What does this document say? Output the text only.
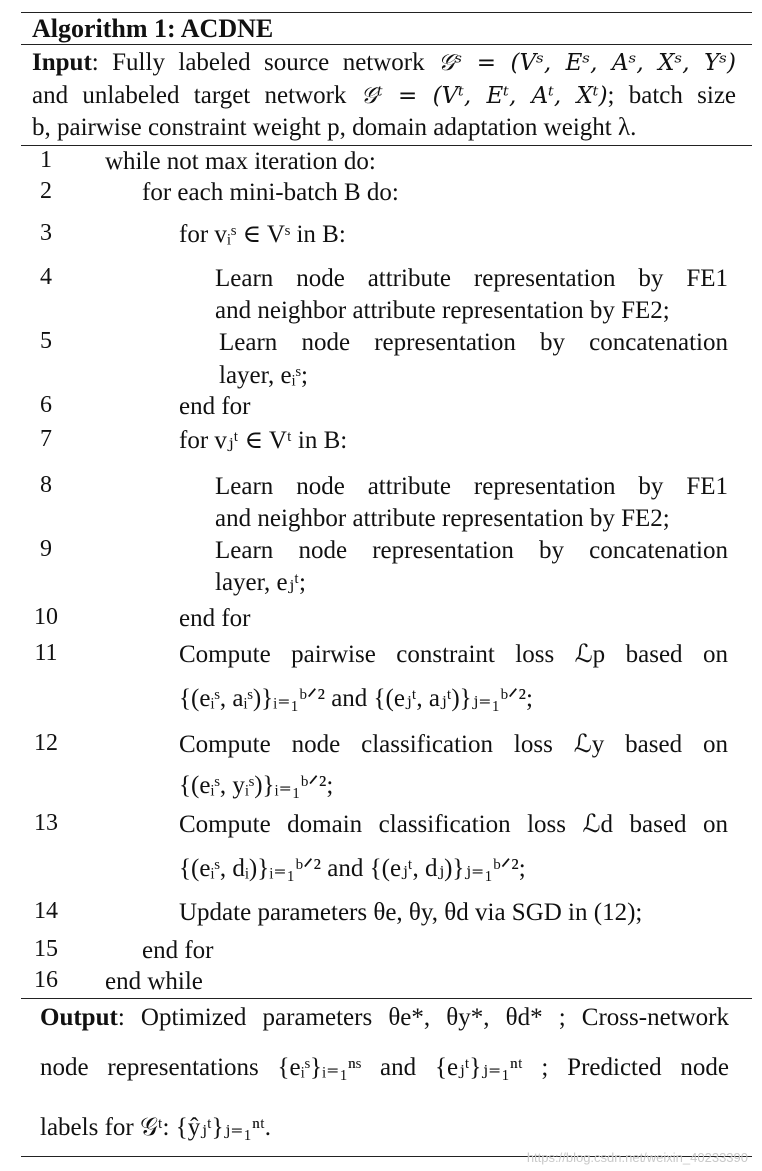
Algorithm 1: ACDNE
Input: Fully labeled source network 𝒢ˢ = (Vˢ, Eˢ, Aˢ, Xˢ, Yˢ)
and unlabeled target network 𝒢ᵗ = (Vᵗ, Eᵗ, Aᵗ, Xᵗ); batch size
b, pairwise constraint weight p, domain adaptation weight λ.
1	while not max iteration do:
2	for each mini-batch B do:
3	for vᵢˢ ∈ Vˢ in B:
4	Learn node attribute representation by FE1
and neighbor attribute representation by FE2;
5	Learn node representation by concatenation
layer, eᵢˢ;
6	end for
7	for vⱼᵗ ∈ Vᵗ in B:
8	Learn node attribute representation by FE1
and neighbor attribute representation by FE2;
9	Learn node representation by concatenation
layer, eⱼᵗ;
10	end for
11	Compute pairwise constraint loss ℒp based on
{(eᵢˢ, aᵢˢ)}ᵢ₌₁ᵇᐟ² and {(eⱼᵗ, aⱼᵗ)}ⱼ₌₁ᵇᐟ²;
12	Compute node classification loss ℒy based on
{(eᵢˢ, yᵢˢ)}ᵢ₌₁ᵇᐟ²;
13	Compute domain classification loss ℒd based on
{(eᵢˢ, dᵢ)}ᵢ₌₁ᵇᐟ² and {(eⱼᵗ, dⱼ)}ⱼ₌₁ᵇᐟ²;
14	Update parameters θe, θy, θd via SGD in (12);
15	end for
16	end while
Output: Optimized parameters θe*, θy*, θd* ; Cross-network
node representations {eᵢˢ}ᵢ₌₁ⁿˢ and {eⱼᵗ}ⱼ₌₁ⁿᵗ ; Predicted node
labels for 𝒢ᵗ: {ŷⱼᵗ}ⱼ₌₁ⁿᵗ.
https://blog.csdn.net/weixin_40233390
